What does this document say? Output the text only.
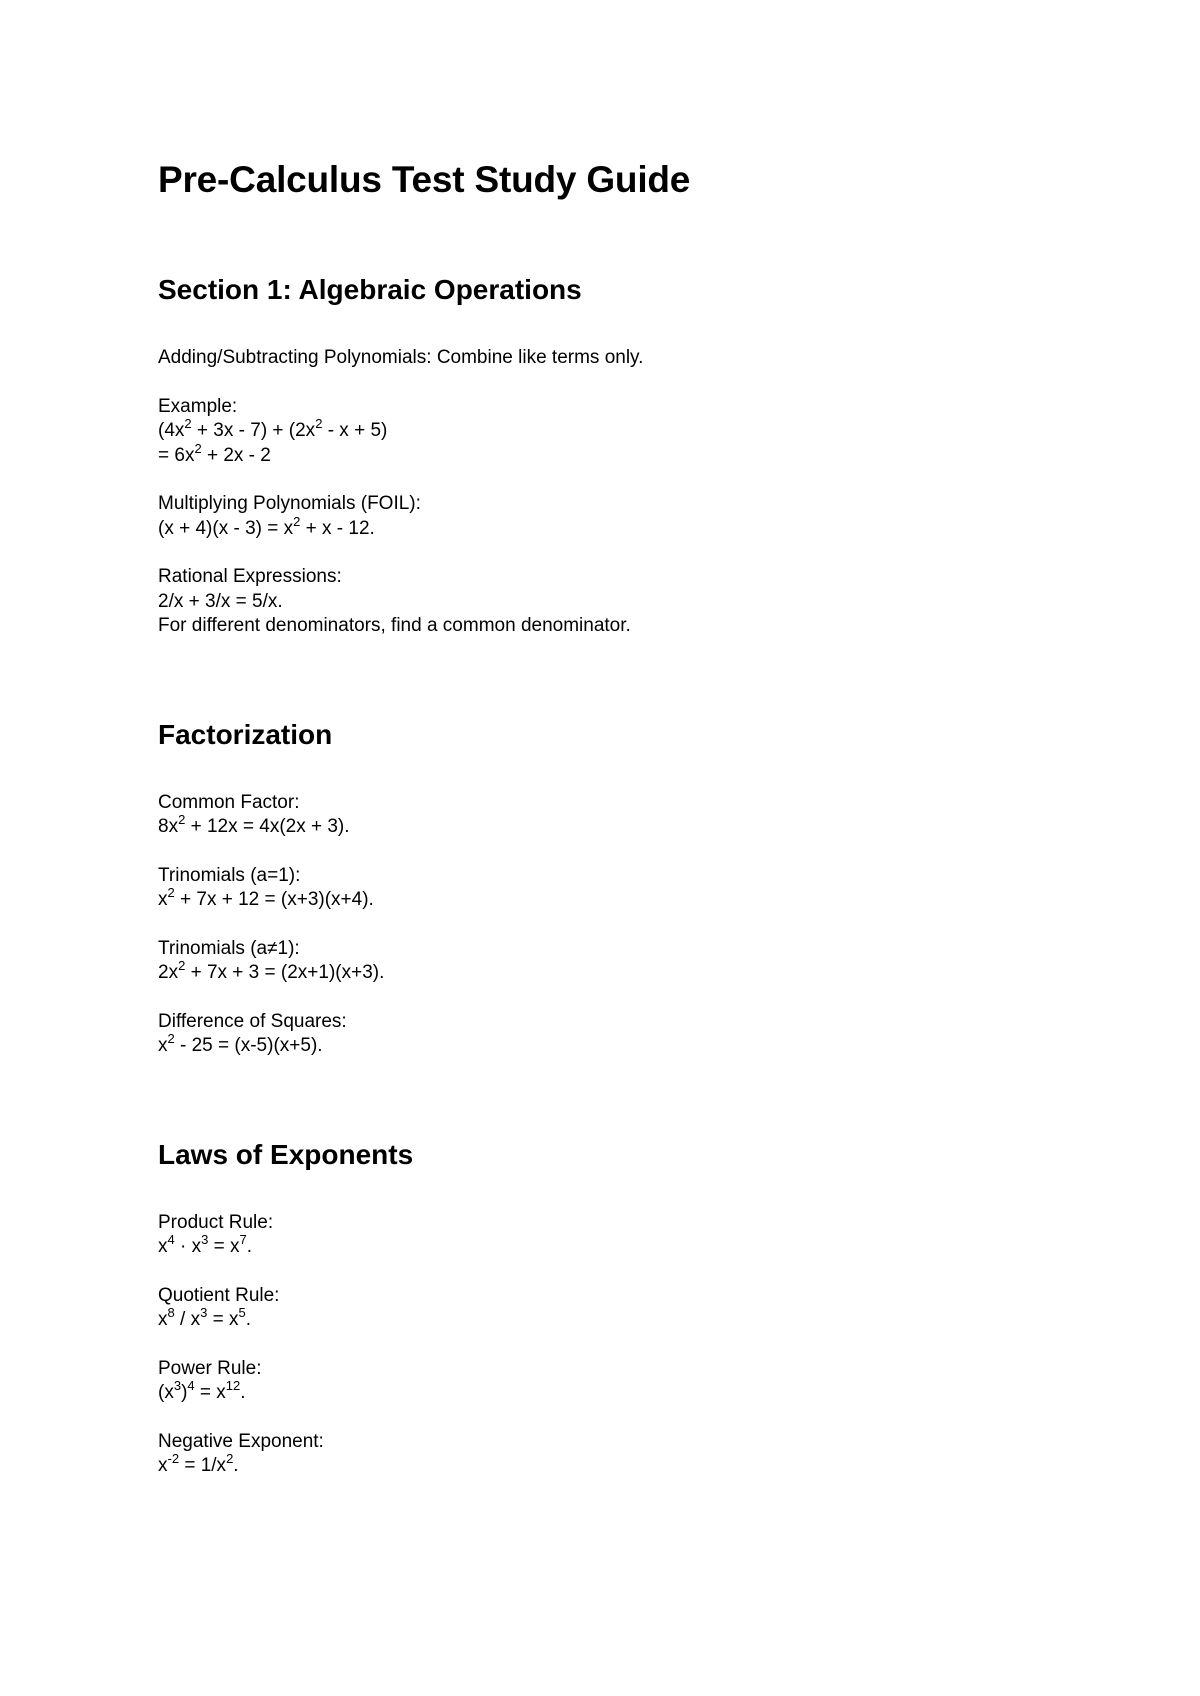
Pre-Calculus Test Study Guide
Section 1: Algebraic Operations

Adding/Subtracting Polynomials: Combine like terms only.

Example:

$(4x^2 + 3x - 7) + (2x^2 - x + 5)$

= $6x^2 + 2x - 2$

Multiplying Polynomials (FOIL):

$(x + 4)(x - 3) = x^2 + x - 12$.

Rational Expressions:

2/x + 3/x = 5/x.

For different denominators, find a common denominator.

Factorization

Common Factor:

$8x^2 + 12x = 4x(2x + 3)$.

Trinomials (a=1):

$x^2 + 7x + 12 = (x+3)(x+4)$.

Trinomials (a≠1):

$2x^2 + 7x + 3 = (2x+1)(x+3)$.

Difference of Squares:

$x^2 - 25 = (x-5)(x+5)$.

Laws of Exponents

Product Rule:

$x^4 \cdot x^3 = x^7$.

Quotient Rule:

$x^8 / x^3 = x^5$.

Power Rule:

$(x^3)^4 = x^{12}$.

Negative Exponent:

$x^{-2} = 1/x^2$.
